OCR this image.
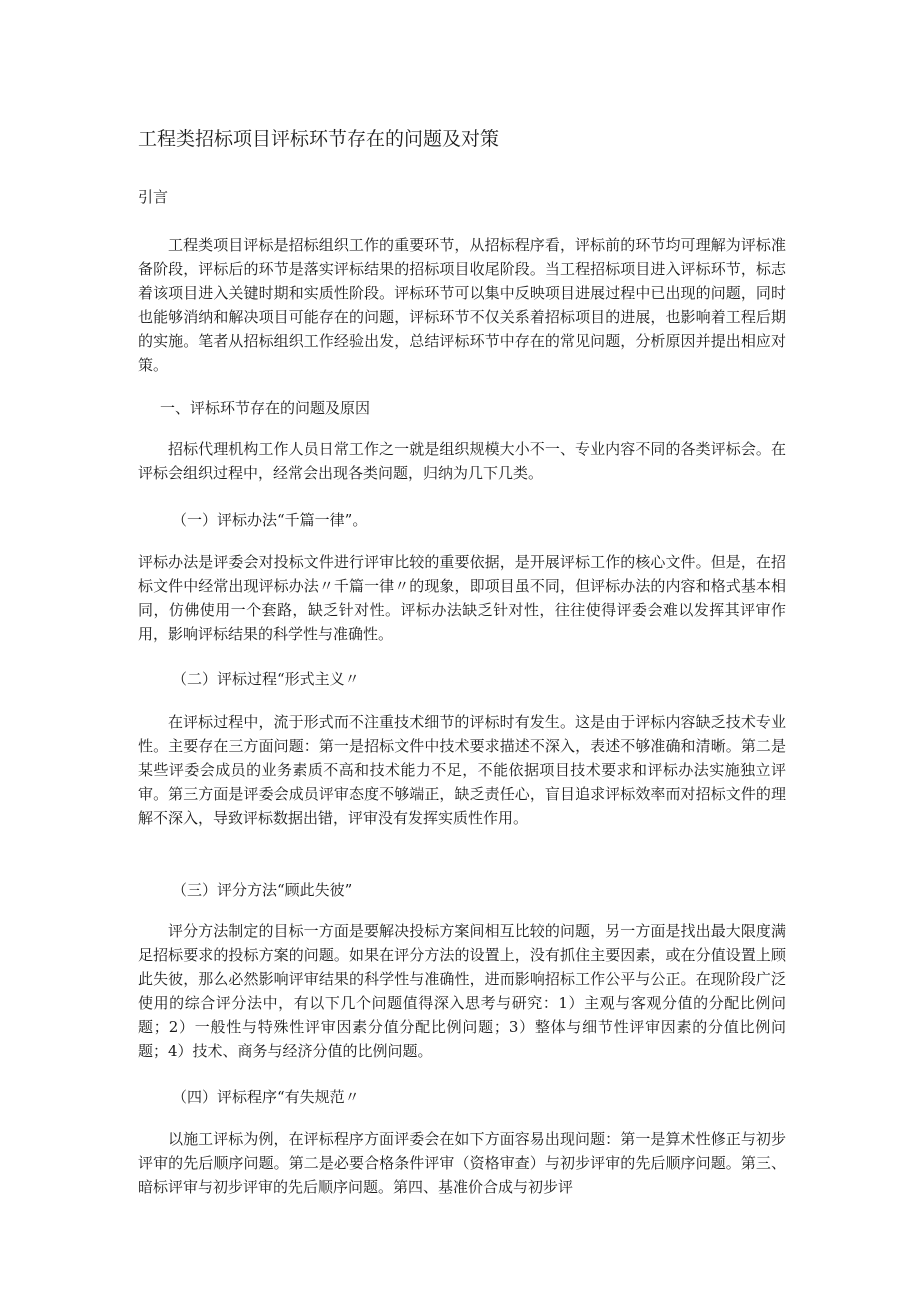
工程类招标项目评标环节存在的问题及对策
引言

工程类项目评标是招标组织工作的重要环节，从招标程序看，评标前的环节均可理解为评标准备阶段，评标后的环节是落实评标结果的招标项目收尾阶段。当工程招标项目进入评标环节，标志着该项目进入关键时期和实质性阶段。评标环节可以集中反映项目进展过程中已出现的问题，同时也能够消纳和解决项目可能存在的问题，评标环节不仅关系着招标项目的进展，也影响着工程后期的实施。笔者从招标组织工作经验出发，总结评标环节中存在的常见问题，分析原因并提出相应对策。

一、评标环节存在的问题及原因

招标代理机构工作人员日常工作之一就是组织规模大小不一、专业内容不同的各类评标会。在评标会组织过程中，经常会出现各类问题，归纳为几下几类。

（一）评标办法“千篇一律”。

评标办法是评委会对投标文件进行评审比较的重要依据，是开展评标工作的核心文件。但是，在招标文件中经常出现评标办法〃千篇一律〃的现象，即项目虽不同，但评标办法的内容和格式基本相同，仿佛使用一个套路，缺乏针对性。评标办法缺乏针对性，往往使得评委会难以发挥其评审作用，影响评标结果的科学性与准确性。

（二）评标过程“形式主义〃

在评标过程中，流于形式而不注重技术细节的评标时有发生。这是由于评标内容缺乏技术专业性。主要存在三方面问题：第一是招标文件中技术要求描述不深入，表述不够准确和清晰。第二是某些评委会成员的业务素质不高和技术能力不足，不能依据项目技术要求和评标办法实施独立评审。第三方面是评委会成员评审态度不够端正，缺乏责任心，盲目追求评标效率而对招标文件的理解不深入，导致评标数据出错，评审没有发挥实质性作用。

（三）评分方法“顾此失彼”

评分方法制定的目标一方面是要解决投标方案间相互比较的问题，另一方面是找出最大限度满足招标要求的投标方案的问题。如果在评分方法的设置上，没有抓住主要因素，或在分值设置上顾此失彼，那么必然影响评审结果的科学性与准确性，进而影响招标工作公平与公正。在现阶段广泛使用的综合评分法中，有以下几个问题值得深入思考与研究：1）主观与客观分值的分配比例问题；2）一般性与特殊性评审因素分值分配比例问题；3）整体与细节性评审因素的分值比例问题；4）技术、商务与经济分值的比例问题。

（四）评标程序“有失规范〃

以施工评标为例，在评标程序方面评委会在如下方面容易出现问题：第一是算术性修正与初步评审的先后顺序问题。第二是必要合格条件评审（资格审查）与初步评审的先后顺序问题。第三、暗标评审与初步评审的先后顺序问题。第四、基准价合成与初步评
